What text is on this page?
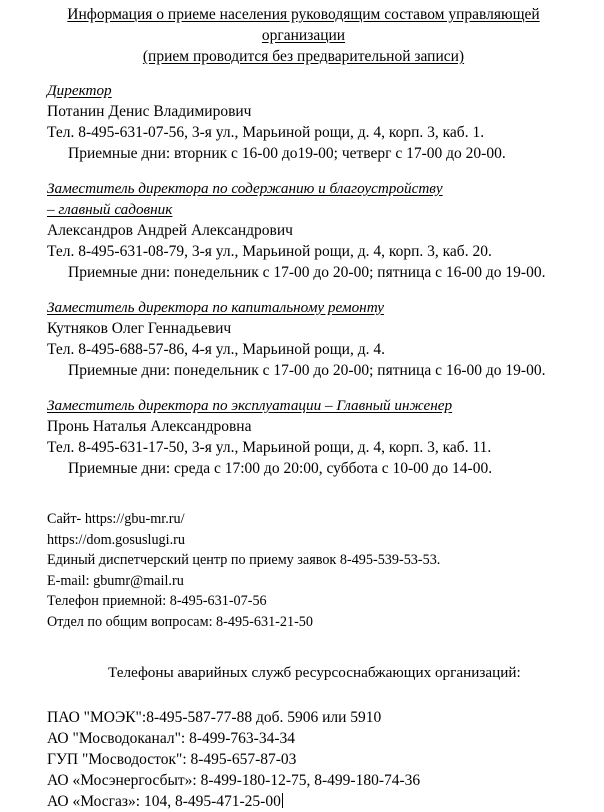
Информация о приеме населения руководящим составом управляющей

организации

(прием проводится без предварительной записи)

Директор

Потанин Денис Владимирович

Тел. 8-495-631-07-56, 3-я ул., Марьиной рощи, д. 4, корп. 3, каб. 1.

Приемные дни: вторник с 16-00 до19-00; четверг с 17-00 до 20-00.

Заместитель директора по содержанию и благоустройству

– главный садовник

Александров Андрей Александрович

Тел. 8-495-631-08-79, 3-я ул., Марьиной рощи, д. 4, корп. 3, каб. 20.

Приемные дни: понедельник с 17-00 до 20-00; пятница с 16-00 до 19-00.

Заместитель директора по капитальному ремонту

Кутняков Олег Геннадьевич

Тел. 8-495-688-57-86, 4-я ул., Марьиной рощи, д. 4.

Приемные дни: понедельник с 17-00 до 20-00; пятница с 16-00 до 19-00.

Заместитель директора по эксплуатации – Главный инженер

Пронь Наталья Александровна

Тел. 8-495-631-17-50, 3-я ул., Марьиной рощи, д. 4, корп. 3, каб. 11.

Приемные дни: среда с 17:00 до 20:00, суббота с 10-00 до 14-00.

Сайт- https://gbu-mr.ru/

https://dom.gosuslugi.ru

Единый диспетчерский центр по приему заявок 8-495-539-53-53.

E-mail: gbumr@mail.ru

Телефон приемной: 8-495-631-07-56

Отдел по общим вопросам: 8-495-631-21-50

Телефоны аварийных служб ресурсоснабжающих организаций:

ПАО "МОЭК":8-495-587-77-88 доб. 5906 или 5910

АО "Мосводоканал": 8-499-763-34-34

ГУП "Мосводосток": 8-495-657-87-03

АО «Мосэнергосбыт»: 8-499-180-12-75, 8-499-180-74-36

АО «Мосгаз»: 104, 8-495-471-25-00
